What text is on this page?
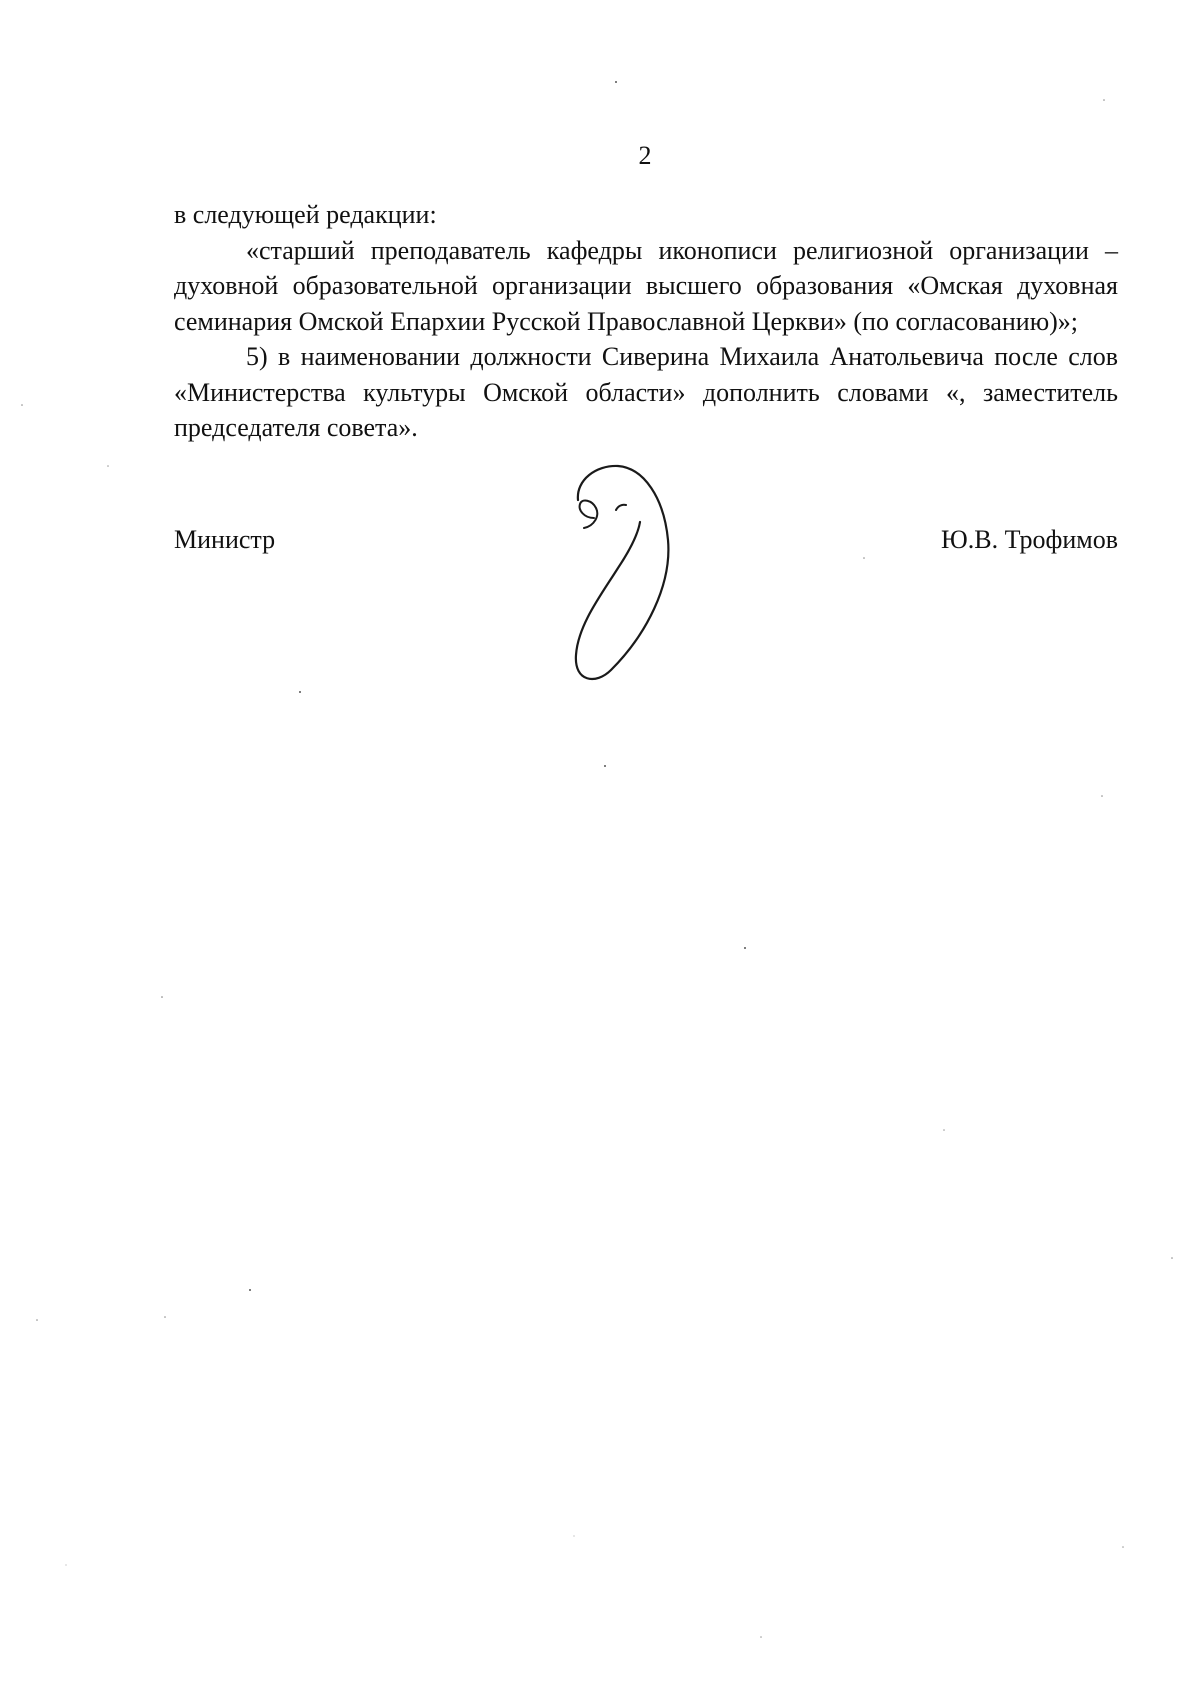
2

в следующей редакции:

«старший преподаватель кафедры иконописи религиозной организации – духовной образовательной организации высшего образования «Омская духовная семинария Омской Епархии Русской Православной Церкви» (по согласованию)»;

5) в наименовании должности Сиверина Михаила Анатольевича после слов «Министерства культуры Омской области» дополнить словами «, заместитель председателя совета».

Министр	Ю.В. Трофимов
